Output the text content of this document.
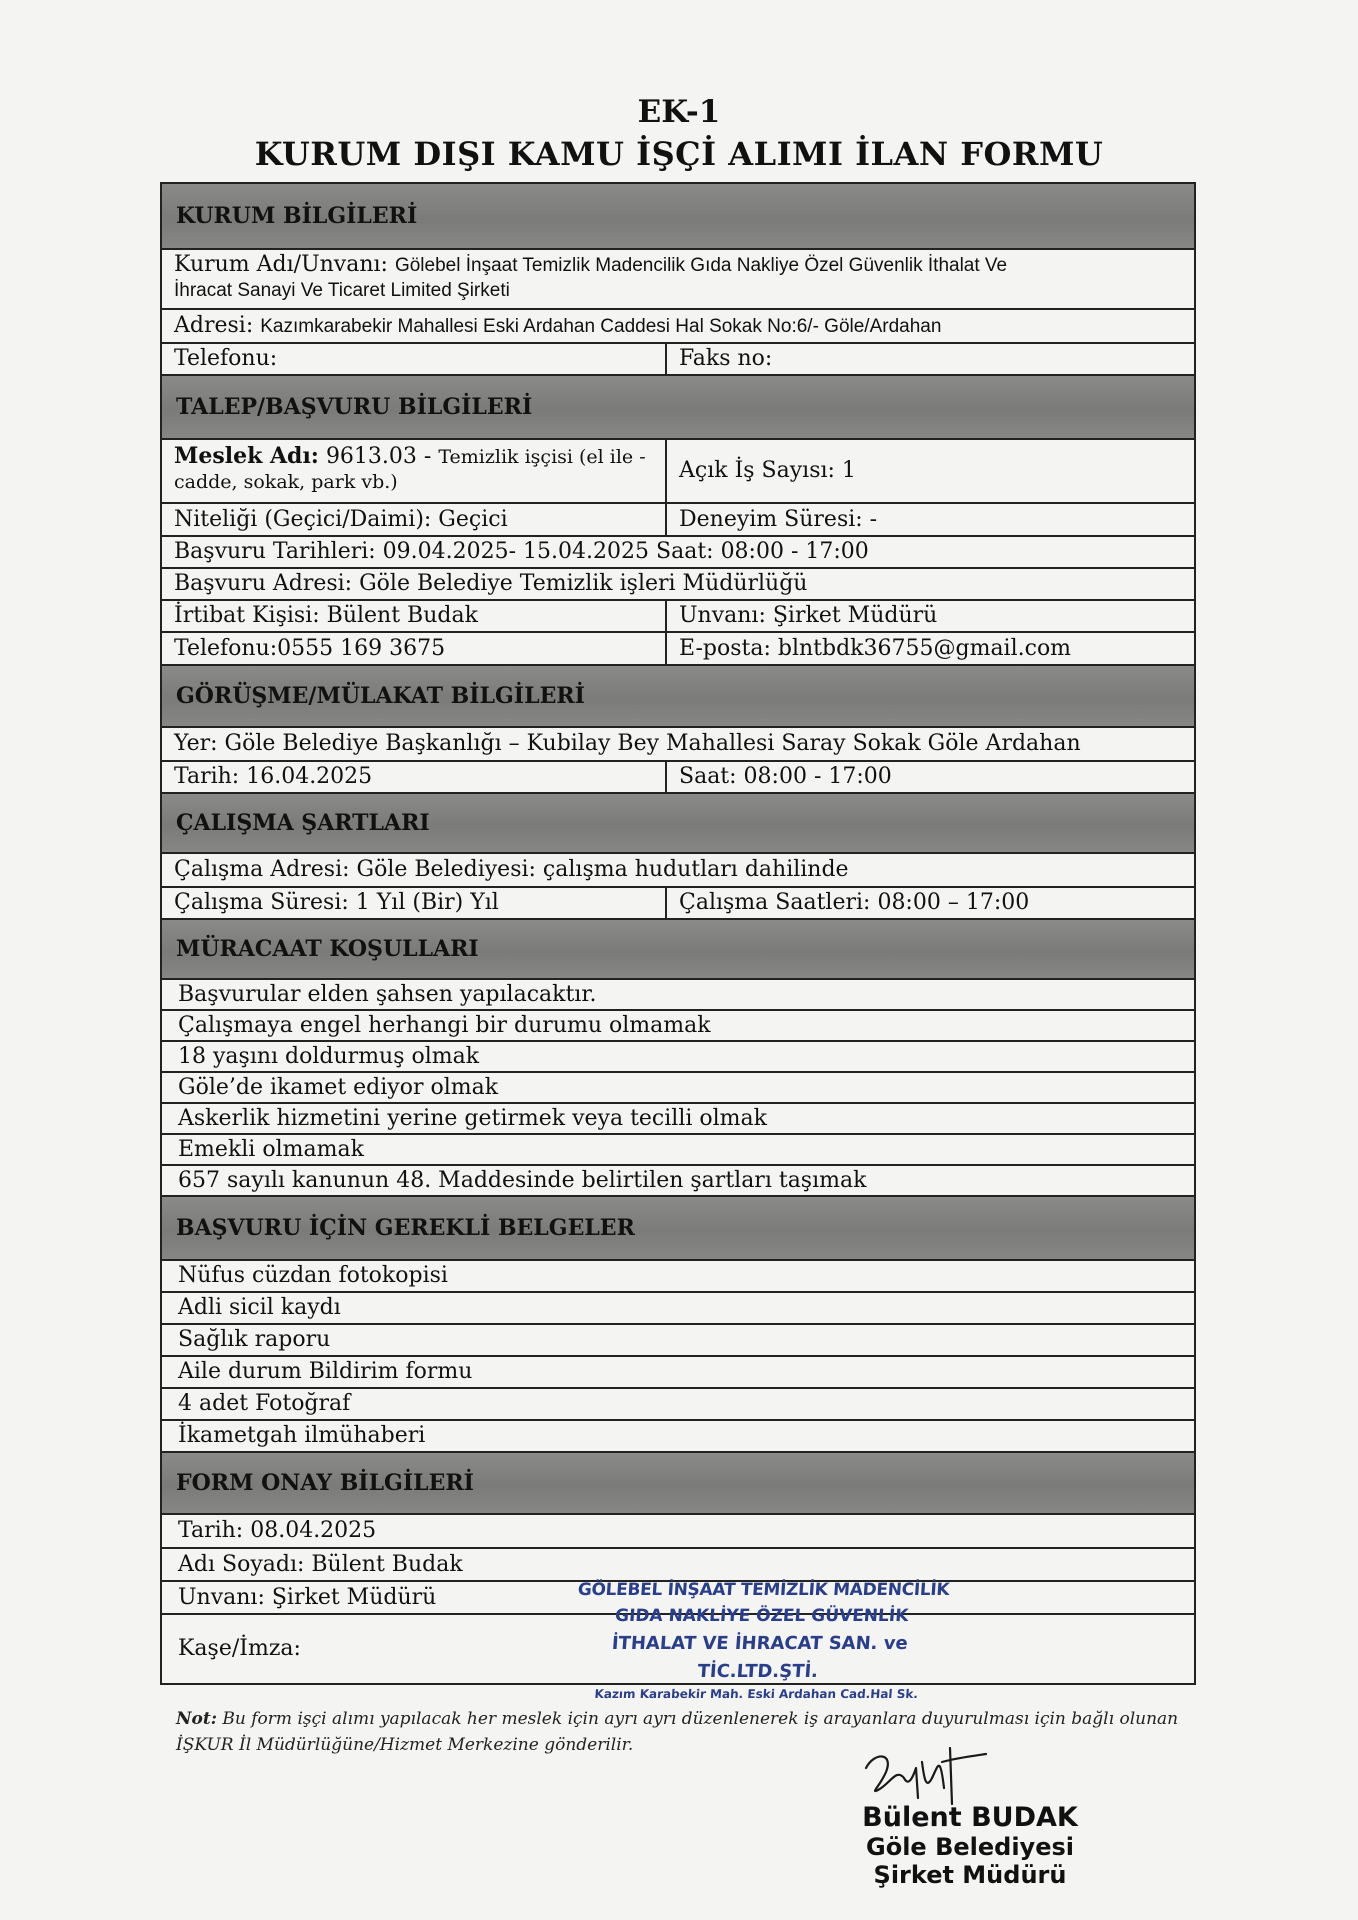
EK-1
KURUM DIŞI KAMU İŞÇİ ALIMI İLAN FORMU
KURUM BİLGİLERİ
Kurum Adı/Unvanı: Gölebel İnşaat Temizlik Madencilik Gıda Nakliye Özel Güvenlik İthalat Ve
İhracat Sanayi Ve Ticaret Limited Şirketi
Adresi:
Kazımkarabekir Mahallesi Eski Ardahan Caddesi Hal Sokak No:6/- Göle/Ardahan
Telefonu:	Faks no:
TALEP/BAŞVURU BİLGİLERİ
Meslek Adı: 9613.03 - Temizlik işçisi (el ile -
cadde, sokak, park vb.)	Açık İş Sayısı: 1
Niteliği (Geçici/Daimi): Geçici	Deneyim Süresi: -
Başvuru Tarihleri: 09.04.2025- 15.04.2025 Saat: 08:00 - 17:00
Başvuru Adresi: Göle Belediye Temizlik işleri Müdürlüğü
İrtibat Kişisi: Bülent Budak	Unvanı: Şirket Müdürü
Telefonu:0555 169 3675	E-posta: blntbdk36755@gmail.com
GÖRÜŞME/MÜLAKAT BİLGİLERİ
Yer: Göle Belediye Başkanlığı – Kubilay Bey Mahallesi Saray Sokak Göle Ardahan
Tarih: 16.04.2025	Saat: 08:00 - 17:00
ÇALIŞMA ŞARTLARI
Çalışma Adresi: Göle Belediyesi: çalışma hudutları dahilinde
Çalışma Süresi: 1 Yıl (Bir) Yıl	Çalışma Saatleri: 08:00 – 17:00
MÜRACAAT KOŞULLARI
Başvurular elden şahsen yapılacaktır.
Çalışmaya engel herhangi bir durumu olmamak
18 yaşını doldurmuş olmak
Göle’de ikamet ediyor olmak
Askerlik hizmetini yerine getirmek veya tecilli olmak
Emekli olmamak
657 sayılı kanunun 48. Maddesinde belirtilen şartları taşımak
BAŞVURU İÇİN GEREKLİ BELGELER
Nüfus cüzdan fotokopisi
Adli sicil kaydı
Sağlık raporu
Aile durum Bildirim formu
4 adet Fotoğraf
İkametgah ilmühaberi
FORM ONAY BİLGİLERİ
Tarih: 08.04.2025
Adı Soyadı: Bülent Budak
Unvanı: Şirket Müdürü
Kaşe/İmza:
GÖLEBEL İNŞAAT TEMİZLİK MADENCİLİK
GIDA NAKLİYE ÖZEL GÜVENLİK
İTHALAT VE İHRACAT SAN. ve TİC.LTD.ŞTİ.
Kazım Karabekir Mah. Eski Ardahan Cad.Hal Sk.
Not: Bu form işçi alımı yapılacak her meslek için ayrı ayrı düzenlenerek iş arayanlara duyurulması için bağlı olunan İŞKUR İl Müdürlüğüne/Hizmet Merkezine gönderilir.
Bülent BUDAK
Göle Belediyesi
Şirket Müdürü
